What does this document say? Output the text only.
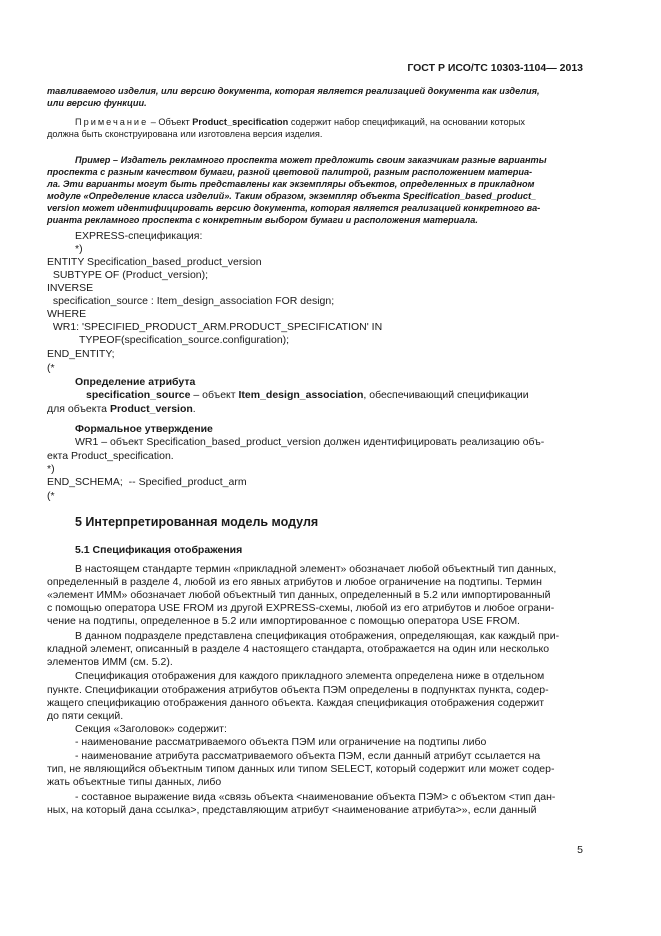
ГОСТ Р ИСО/ТС 10303-1104— 2013
тавливаемого изделия, или версию документа, которая является реализацией документа как изделия,
или версию функции.
Примечание – Объект Product_specification содержит набор спецификаций, на основании которых
должна быть сконструирована или изготовлена версия изделия.
Пример – Издатель рекламного проспекта может предложить своим заказчикам разные варианты
проспекта с разным качеством бумаги, разной цветовой палитрой, разным расположением материа-
ла. Эти варианты могут быть представлены как экземпляры объектов, определенных в прикладном
модуле «Определение класса изделий». Таким образом, экземпляр объекта Specification_based_product_
version может идентифицировать версию документа, которая является реализацией конкретного ва-
рианта рекламного проспекта с конкретным выбором бумаги и расположения материала.
EXPRESS-спецификация:
*)
ENTITY Specification_based_product_version
SUBTYPE OF (Product_version);
INVERSE
specification_source : Item_design_association FOR design;
WHERE
WR1: 'SPECIFIED_PRODUCT_ARM.PRODUCT_SPECIFICATION' IN
TYPEOF(specification_source.configuration);
END_ENTITY;
(*
Определение атрибута
specification_source – объект Item_design_association, обеспечивающий спецификации
для объекта Product_version.
Формальное утверждение
WR1 – объект Specification_based_product_version должен идентифицировать реализацию объ-
екта Product_specification.
*)
END_SCHEMA;  -- Specified_product_arm
(*
5 Интерпретированная модель модуля
5.1 Спецификация отображения
В настоящем стандарте термин «прикладной элемент» обозначает любой объектный тип данных,
определенный в разделе 4, любой из его явных атрибутов и любое ограничение на подтипы. Термин
«элемент ИММ» обозначает любой объектный тип данных, определенный в 5.2 или импортированный
с помощью оператора USE FROM из другой EXPRESS-схемы, любой из его атрибутов и любое ограни-
чение на подтипы, определенное в 5.2 или импортированное с помощью оператора USE FROM.
В данном подразделе представлена спецификация отображения, определяющая, как каждый при-
кладной элемент, описанный в разделе 4 настоящего стандарта, отображается на один или несколько
элементов ИММ (см. 5.2).
Спецификация отображения для каждого прикладного элемента определена ниже в отдельном
пункте. Спецификации отображения атрибутов объекта ПЭМ определены в подпунктах пункта, содер-
жащего спецификацию отображения данного объекта. Каждая спецификация отображения содержит
до пяти секций.
Секция «Заголовок» содержит:
- наименование рассматриваемого объекта ПЭМ или ограничение на подтипы либо
- наименование атрибута рассматриваемого объекта ПЭМ, если данный атрибут ссылается на
тип, не являющийся объектным типом данных или типом SELECT, который содержит или может содер-
жать объектные типы данных, либо
- составное выражение вида «связь объекта <наименование объекта ПЭМ> с объектом <тип дан-
ных, на который дана ссылка>, представляющим атрибут <наименование атрибута>», если данный
5
